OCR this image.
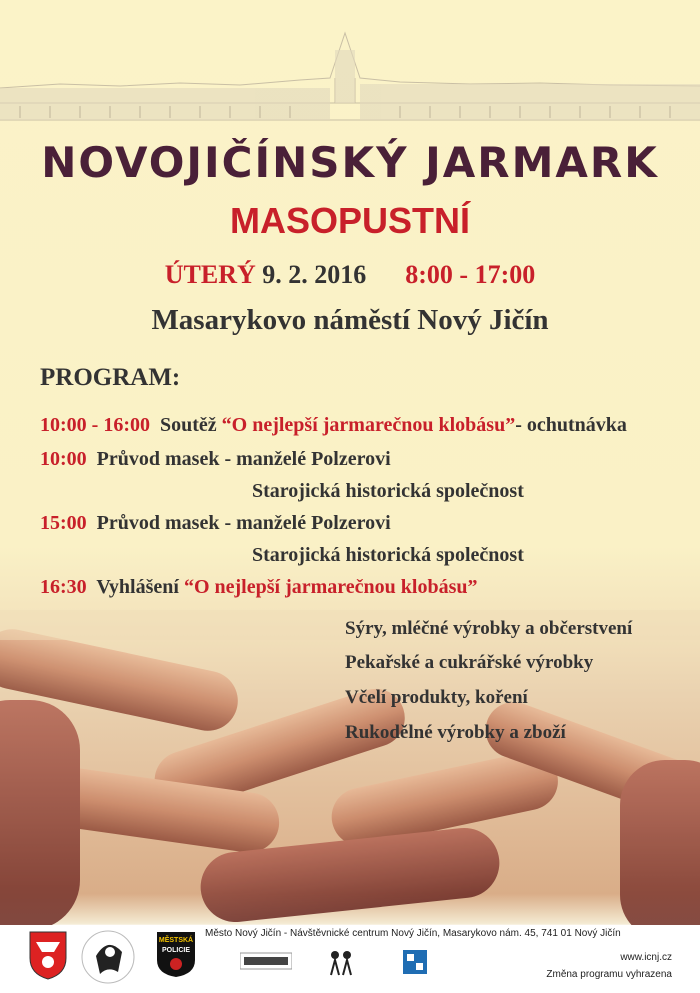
NOVOJIČÍNSKÝ JARMARK
MASOPUSTNÍ
ÚTERÝ 9. 2. 2016 8:00 - 17:00
Masarykovo náměstí Nový Jičín
PROGRAM:
10:00 - 16:00 Soutěž “O nejlepší jarmarečnou klobásu”- ochutnávka
10:00 Průvod masek - manželé Polzerovi
Starojická historická společnost
15:00 Průvod masek - manželé Polzerovi
Starojická historická společnost
16:30 Vyhlášení “O nejlepší jarmarečnou klobásu”
Sýry, mléčné výrobky a občerstvení
Pekařské a cukrářské výrobky
Včelí produkty, koření
Rukodělné výrobky a zboží
MĚSTSKÁ
POLICIE
Město Nový Jičín - Návštěvnické centrum Nový Jičín, Masarykovo nám. 45, 741 01 Nový Jičín
www.icnj.cz
Změna programu vyhrazena
